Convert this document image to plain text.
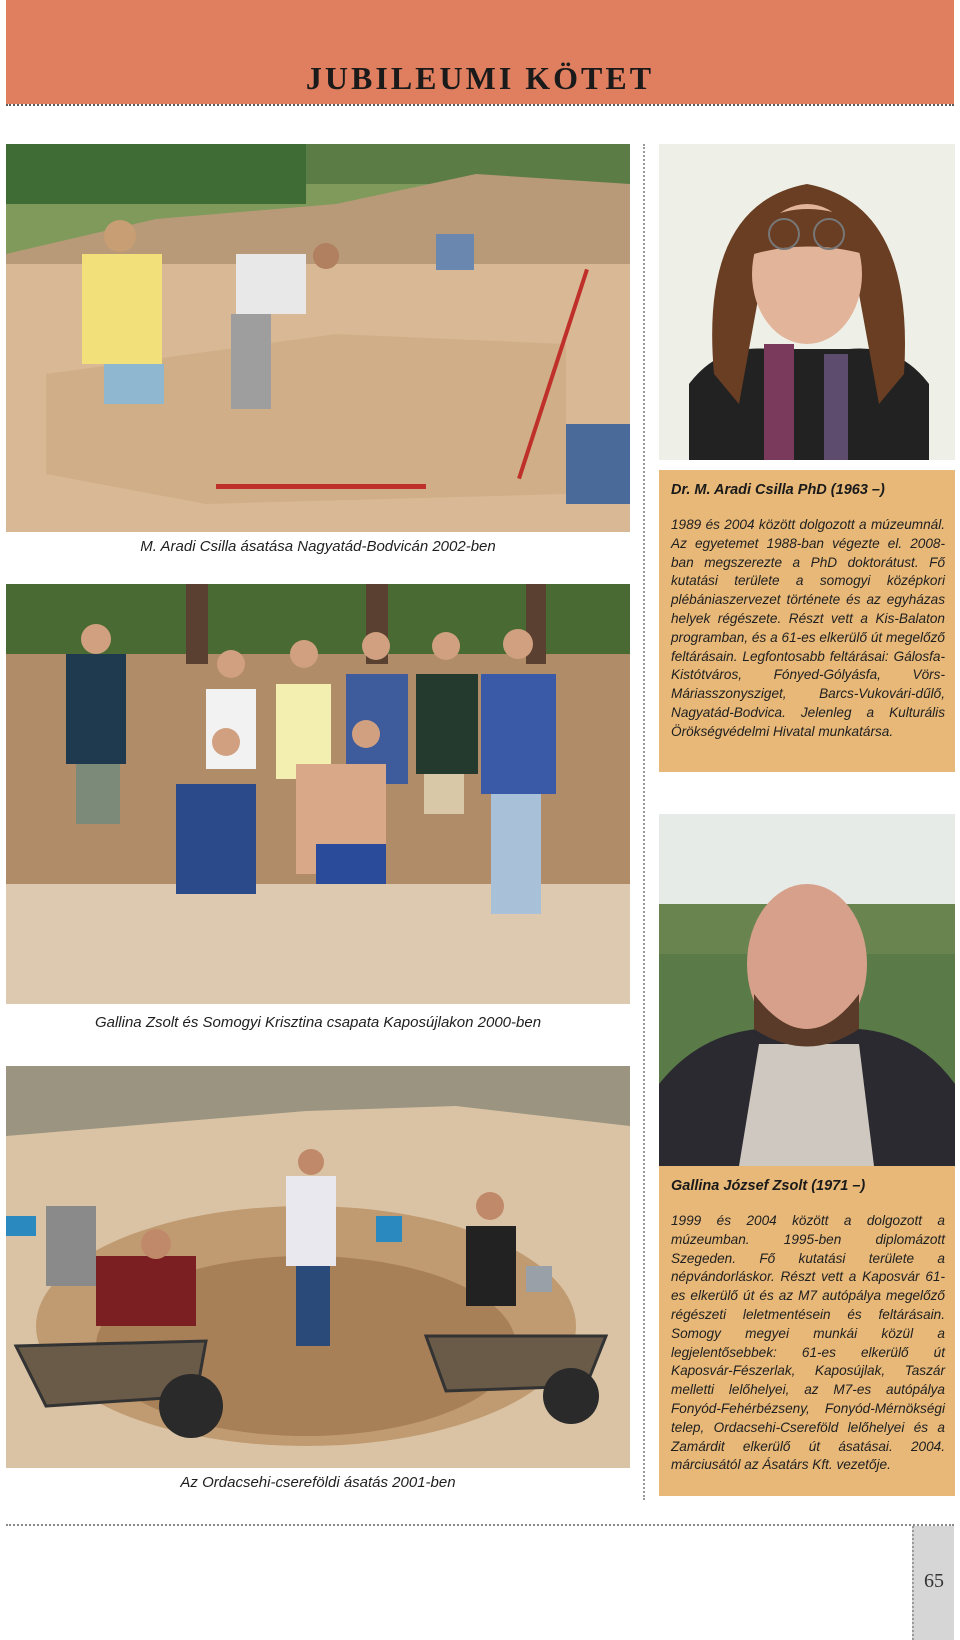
JUBILEUMI KÖTET
M. Aradi Csilla ásatása Nagyatád-Bodvicán 2002-ben

Dr. M. Aradi Csilla PhD (1963 –)

1989 és 2004 között dolgozott a múzeumnál. Az egyetemet 1988-ban végezte el. 2008-ban megszerezte a PhD doktorátust. Fő kutatási területe a somogyi középkori plébániaszervezet története és az egyházas helyek régészete. Részt vett a Kis-Balaton programban, és a 61-es elkerülő út megelőző feltárásain. Legfontosabb feltárásai: Gálosfa-Kistótváros, Fónyed-Gólyásfa, Vörs-Máriasszonysziget, Barcs-Vukovári-dűlő, Nagyatád-Bodvica. Jelenleg a Kulturális Örökségvédelmi Hivatal munkatársa.

Gallina Zsolt és Somogyi Krisztina csapata Kaposújlakon 2000-ben

Gallina József Zsolt (1971 –)

1999 és 2004 között a dolgozott a múzeumban. 1995-ben diplomázott Szegeden. Fő kutatási területe a népvándorláskor. Részt vett a Kaposvár 61-es elkerülő út és az M7 autópálya megelőző régészeti leletmentésein és feltárásain. Somogy megyei munkái közül a legjelentősebbek: 61-es elkerülő út Kaposvár-Fészerlak, Kaposújlak, Taszár melletti lelőhelyei, az M7-es autópálya Fonyód-Fehérbézseny, Fonyód-Mérnökségi telep, Ordacsehi-Csereföld lelőhelyei és a Zamárdit elkerülő út ásatásai. 2004. márciusától az Ásatárs Kft. vezetője.

Az Ordacsehi-csereföldi ásatás 2001-ben
65
